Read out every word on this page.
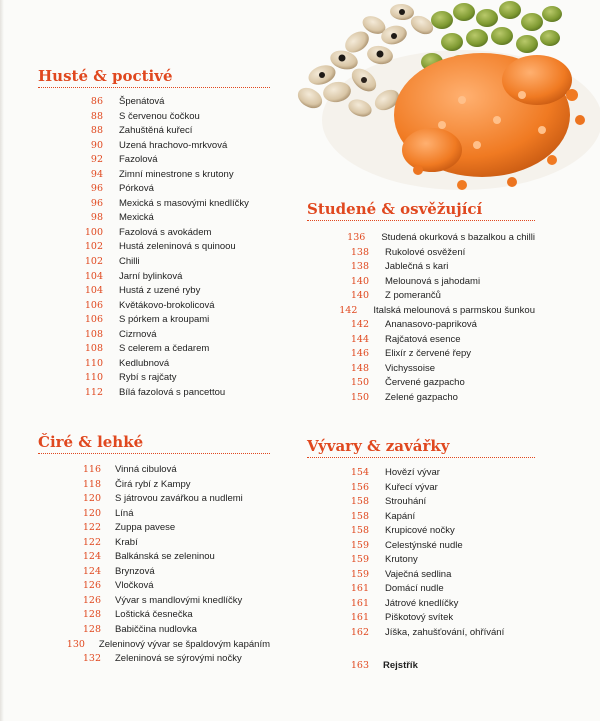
Husté & poctivé
86 Špenátová
88 S červenou čočkou
88 Zahuštěná kuřecí
90 Uzená hrachovo-mrkvová
92 Fazolová
94 Zimní minestrone s krutony
96 Pórková
96 Mexická s masovými knedlíčky
98 Mexická
100 Fazolová s avokádem
102 Hustá zeleninová s quinoou
102 Chilli
104 Jarní bylinková
104 Hustá z uzené ryby
106 Květákovo-brokolicová
106 S pórkem a kroupami
108 Cizrnová
108 S celerem a čedarem
110 Kedlubnová
110 Rybí s rajčaty
112 Bílá fazolová s pancettou
Studené & osvěžující
136 Studená okurková s bazalkou a chilli
138 Rukolové osvěžení
138 Jablečná s kari
140 Melounová s jahodami
140 Z pomerančů
142 Italská melounová s parmskou šunkou
142 Ananasovo-papriková
144 Rajčatová esence
146 Elixír z červené řepy
148 Vichyssoise
150 Červené gazpacho
150 Zelené gazpacho
Čiré & lehké
116 Vinná cibulová
118 Čirá rybí z Kampy
120 S játrovou zavářkou a nudlemi
120 Líná
122 Zuppa pavese
122 Krabí
124 Balkánská se zeleninou
124 Brynzová
126 Vločková
126 Vývar s mandlovými knedlíčky
128 Loštická česnečka
128 Babiččina nudlovka
130 Zeleninový vývar se špaldovým kapáním
132 Zeleninová se sýrovými nočky
Vývary & zavářky
154 Hovězí vývar
156 Kuřecí vývar
158 Strouhání
158 Kapání
158 Krupicové nočky
159 Celestýnské nudle
159 Krutony
159 Vaječná sedlina
161 Domácí nudle
161 Játrové knedlíčky
161 Piškotový svítek
162 Jíška, zahušťování, ohřívání
163 Rejstřík
